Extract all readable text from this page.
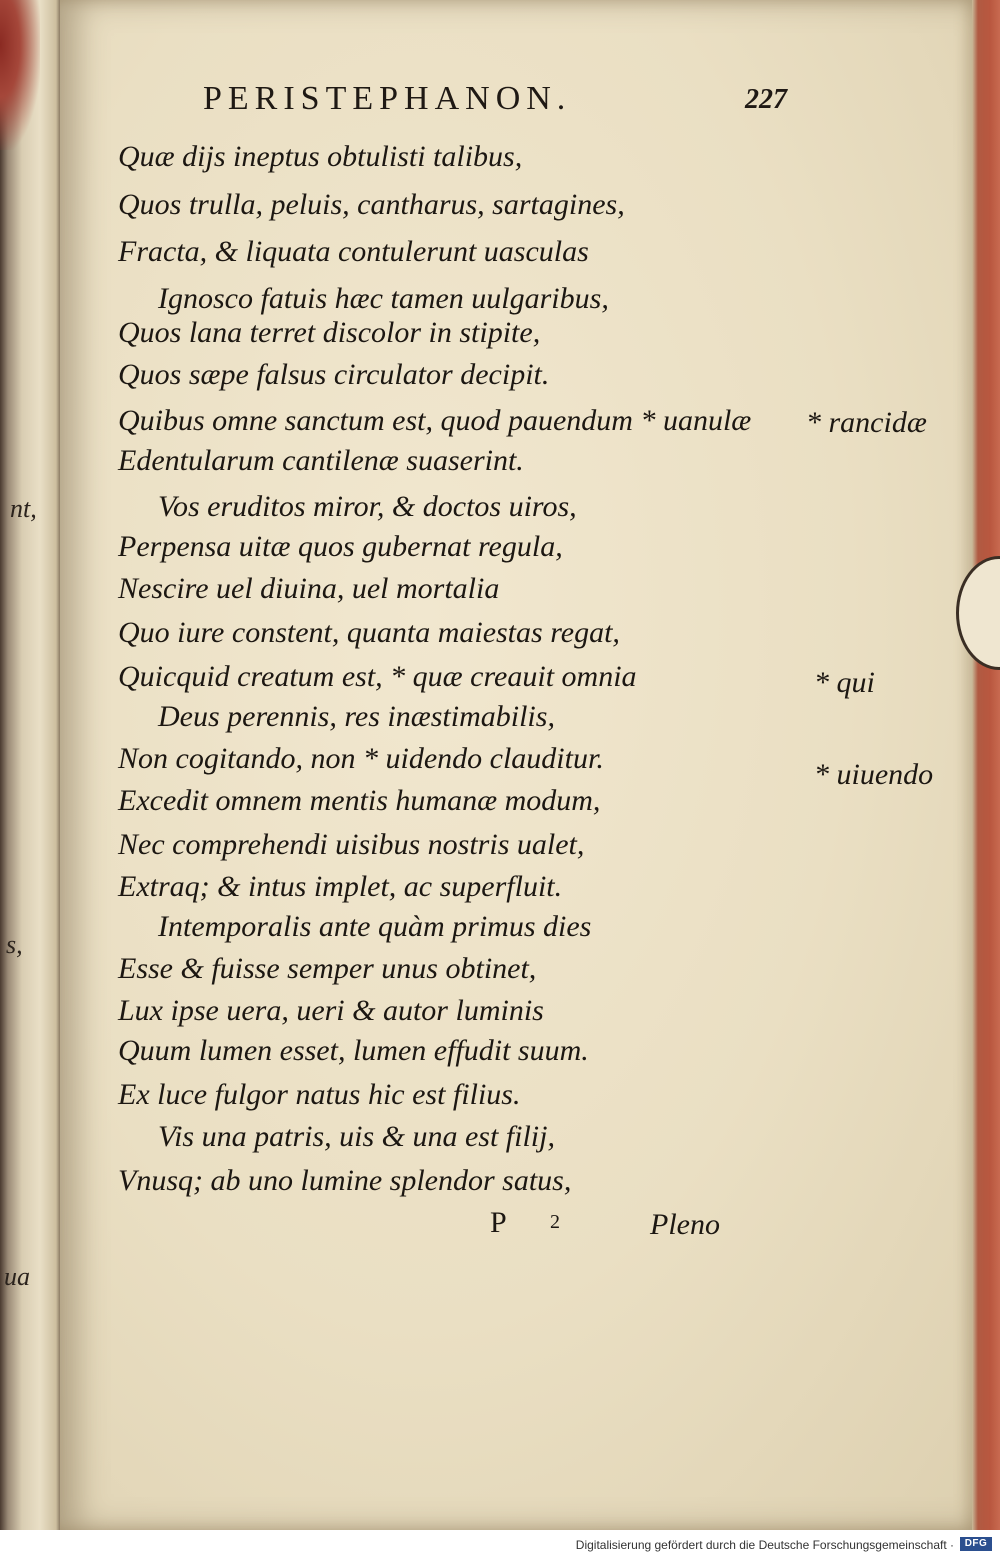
nt,
s,
ua
PERISTEPHANON.	227
Quæ dijs ineptus obtulisti talibus,
Quos trulla, peluis, cantharus, sartagines,
Fracta, & liquata contulerunt uasculas
Ignosco fatuis hæc tamen uulgaribus,
Quos lana terret discolor in stipite,
Quos sæpe falsus circulator decipit.
Quibus omne sanctum est, quod pauendum * uanulæ
Edentularum cantilenæ suaserint.
Vos eruditos miror, & doctos uiros,
Perpensa uitæ quos gubernat regula,
Nescire uel diuina, uel mortalia
Quo iure constent, quanta maiestas regat,
Quicquid creatum est, * quæ creauit omnia
Deus perennis, res inæstimabilis,
Non cogitando, non * uidendo clauditur.
Excedit omnem mentis humanæ modum,
Nec comprehendi uisibus nostris ualet,
Extraq; & intus implet, ac superfluit.
Intemporalis ante quàm primus dies
Esse & fuisse semper unus obtinet,
Lux ipse uera, ueri & autor luminis
Quum lumen esset, lumen effudit suum.
Ex luce fulgor natus hic est filius.
Vis una patris, uis & una est filij,
Vnusq; ab uno lumine splendor satus,
* rancidæ
* qui
* uiuendo
P 2	Pleno
Digitalisierung gefördert durch die Deutsche Forschungsgemeinschaft ·	DFG
